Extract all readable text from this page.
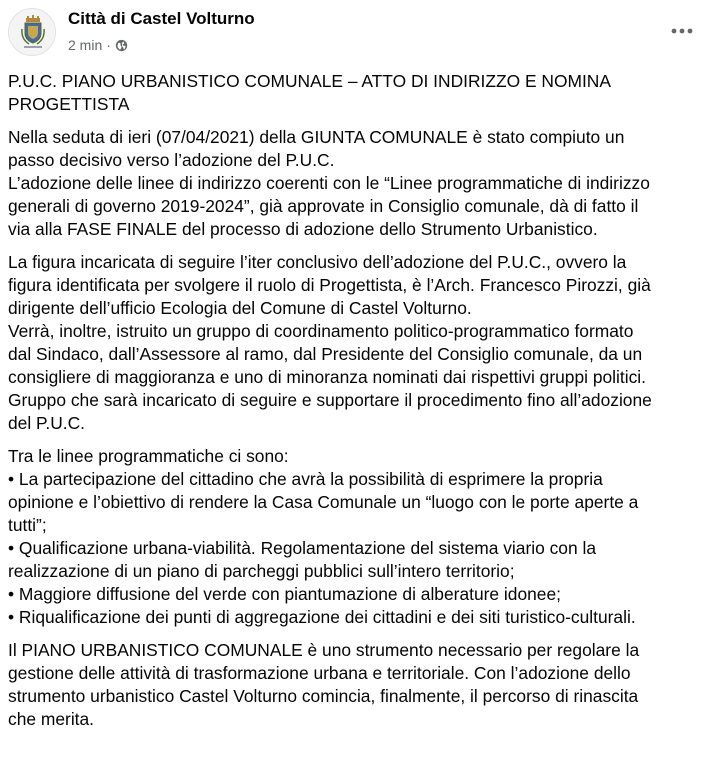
Città di Castel Volturno
2 min ·

P.U.C. PIANO URBANISTICO COMUNALE – ATTO DI INDIRIZZO E NOMINA
PROGETTISTA

Nella seduta di ieri (07/04/2021) della GIUNTA COMUNALE è stato compiuto un
passo decisivo verso l’adozione del P.U.C.
L’adozione delle linee di indirizzo coerenti con le “Linee programmatiche di indirizzo
generali di governo 2019-2024”, già approvate in Consiglio comunale, dà di fatto il
via alla FASE FINALE del processo di adozione dello Strumento Urbanistico.

La figura incaricata di seguire l’iter conclusivo dell’adozione del P.U.C., ovvero la
figura identificata per svolgere il ruolo di Progettista, è l’Arch. Francesco Pirozzi, già
dirigente dell’ufficio Ecologia del Comune di Castel Volturno.
Verrà, inoltre, istruito un gruppo di coordinamento politico-programmatico formato
dal Sindaco, dall’Assessore al ramo, dal Presidente del Consiglio comunale, da un
consigliere di maggioranza e uno di minoranza nominati dai rispettivi gruppi politici.
Gruppo che sarà incaricato di seguire e supportare il procedimento fino all’adozione
del P.U.C.

Tra le linee programmatiche ci sono:
• La partecipazione del cittadino che avrà la possibilità di esprimere la propria
opinione e l’obiettivo di rendere la Casa Comunale un “luogo con le porte aperte a
tutti”;
• Qualificazione urbana-viabilità. Regolamentazione del sistema viario con la
realizzazione di un piano di parcheggi pubblici sull’intero territorio;
• Maggiore diffusione del verde con piantumazione di alberature idonee;
• Riqualificazione dei punti di aggregazione dei cittadini e dei siti turistico-culturali.

Il PIANO URBANISTICO COMUNALE è uno strumento necessario per regolare la
gestione delle attività di trasformazione urbana e territoriale. Con l’adozione dello
strumento urbanistico Castel Volturno comincia, finalmente, il percorso di rinascita
che merita.
